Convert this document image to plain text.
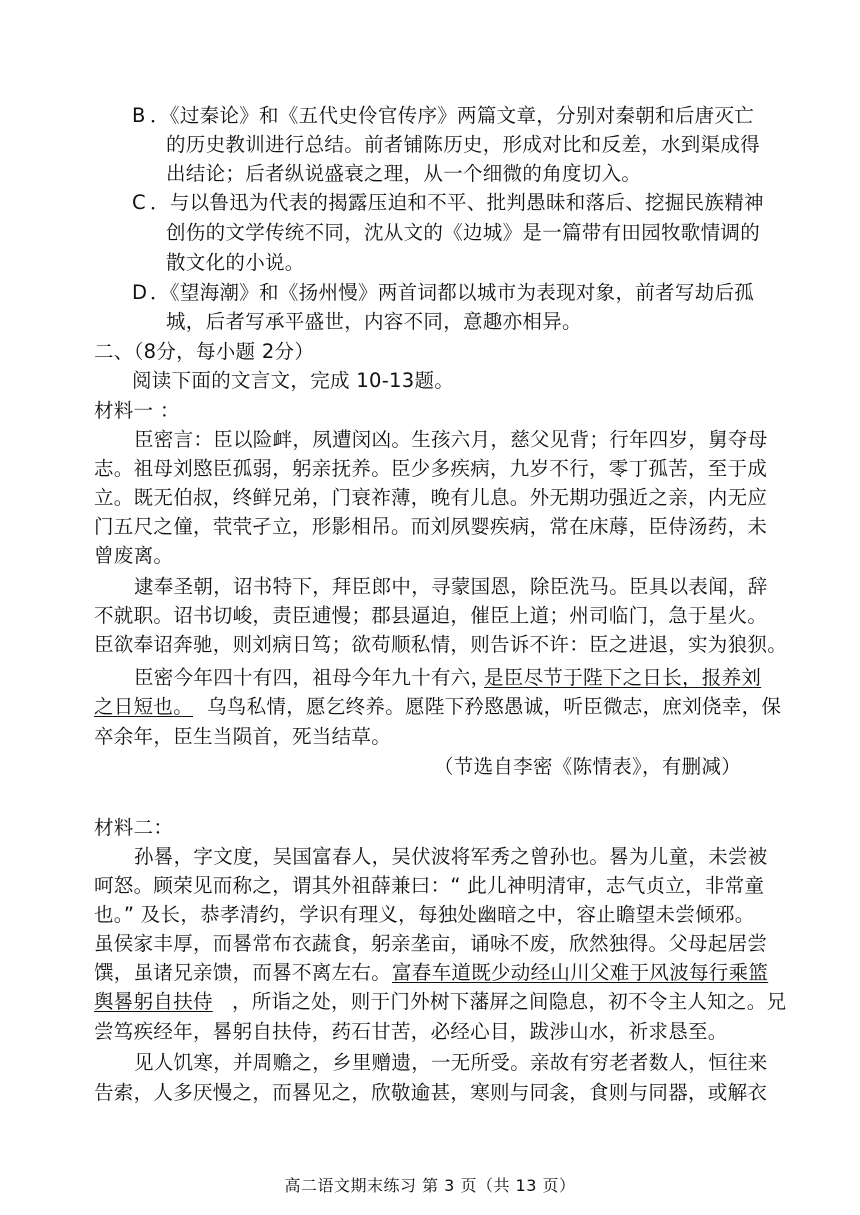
B ．《过秦论》和《五代史伶官传序》两篇文章，分别对秦朝和后唐灭亡
的历史教训进行总结。前者铺陈历史，形成对比和反差，水到渠成得
出结论；后者纵说盛衰之理，从一个细微的角度切入。
C ．与以鲁迅为代表的揭露压迫和不平、批判愚昧和落后、挖掘民族精神
创伤的文学传统不同，沈从文的《边城》是一篇带有田园牧歌情调的
散文化的小说。
D ．《望海潮》和《扬州慢》两首词都以城市为表现对象，前者写劫后孤
城，后者写承平盛世，内容不同，意趣亦相异。
二、（8分，每小题 2分）
阅读下面的文言文，完成 10-13题。
材料一 ：
臣密言：臣以险衅，夙遭闵凶。生孩六月，慈父见背；行年四岁，舅夺母
志。祖母刘愍臣孤弱，躬亲抚养。臣少多疾病，九岁不行，零丁孤苦，至于成
立。既无伯叔，终鲜兄弟，门衰祚薄，晚有儿息。外无期功强近之亲，内无应
门五尺之僮，茕茕孑立，形影相吊。而刘夙婴疾病，常在床蓐，臣侍汤药，未
曾废离。
逮奉圣朝，诏书特下，拜臣郎中，寻蒙国恩，除臣洗马。臣具以表闻，辞
不就职。诏书切峻，责臣逋慢；郡县逼迫，催臣上道；州司临门，急于星火。
臣欲奉诏奔驰，则刘病日笃；欲苟顺私情，则告诉不许：臣之进退，实为狼狈。
臣密今年四十有四，祖母今年九十有六，
是臣尽节于陛下之日长，报养刘
之日短也。 乌鸟私情，愿乞终养。愿陛下矜愍愚诚，听臣微志，庶刘侥幸，保
卒余年，臣生当陨首，死当结草。
（节选自李密《陈情表》，有删减）
材料二：
孙晷，字文度，吴国富春人，吴伏波将军秀之曾孙也。晷为儿童，未尝被
呵怒。顾荣见而称之，谓其外祖薛兼曰：“ 此儿神明清审，志气贞立，非常童
也。” 及长，恭孝清约，学识有理义，每独处幽暗之中，容止瞻望未尝倾邪。
虽侯家丰厚，而晷常布衣蔬食，躬亲垄亩，诵咏不废，欣然独得。父母起居尝
馔，虽诸兄亲馈，而晷不离左右。 富春车道既少动经山川父难于风波每行乘篮
舆晷躬自扶侍 ，所诣之处，则于门外树下藩屏之间隐息，初不令主人知之。兄
尝笃疾经年，晷躬自扶侍，药石甘苦，必经心目，跋涉山水，祈求恳至。
见人饥寒，并周赡之，乡里赠遗，一无所受。亲故有穷老者数人，恒往来
告索，人多厌慢之，而晷见之，欣敬逾甚，寒则与同衾，食则与同器，或解衣
高二语文期末练习 第 3 页（共 13 页）
